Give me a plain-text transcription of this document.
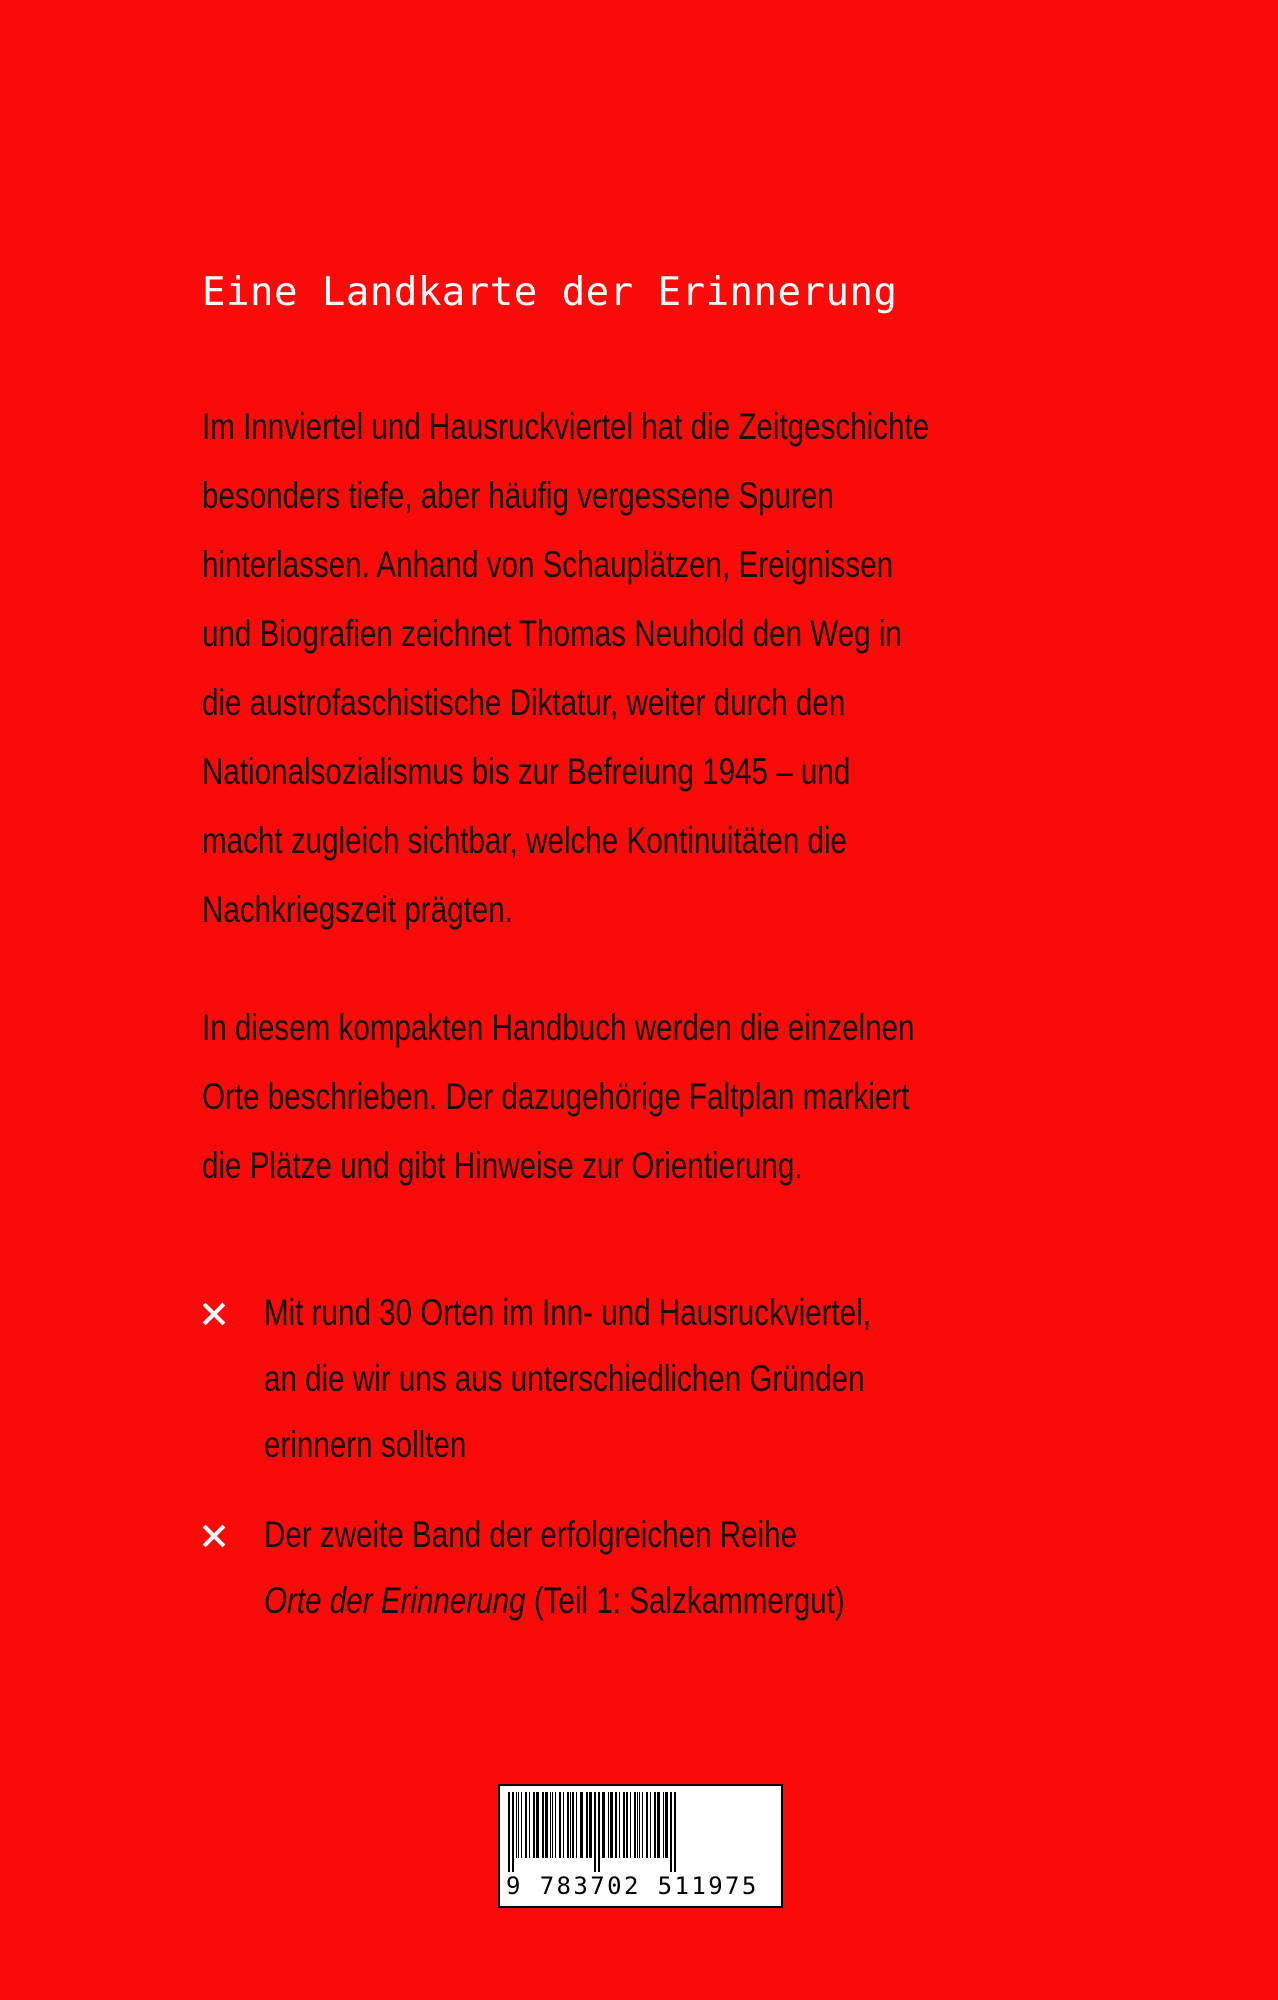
Eine Landkarte der Erinnerung

Im Innviertel und Hausruckviertel hat die Zeitgeschichte
besonders tiefe, aber häufig vergessene Spuren
hinterlassen. Anhand von Schauplätzen, Ereignissen
und Biografien zeichnet Thomas Neuhold den Weg in
die austrofaschistische Diktatur, weiter durch den
Nationalsozialismus bis zur Befreiung 1945 – und
macht zugleich sichtbar, welche Kontinuitäten die
Nachkriegszeit prägten.

In diesem kompakten Handbuch werden die einzelnen
Orte beschrieben. Der dazugehörige Faltplan markiert
die Plätze und gibt Hinweise zur Orientierung.

Mit rund 30 Orten im Inn- und Hausruckviertel,
an die wir uns aus unterschiedlichen Gründen
erinnern sollten
Der zweite Band der erfolgreichen Reihe
Orte der Erinnerung (Teil 1: Salzkammergut)
9 783702 511975
